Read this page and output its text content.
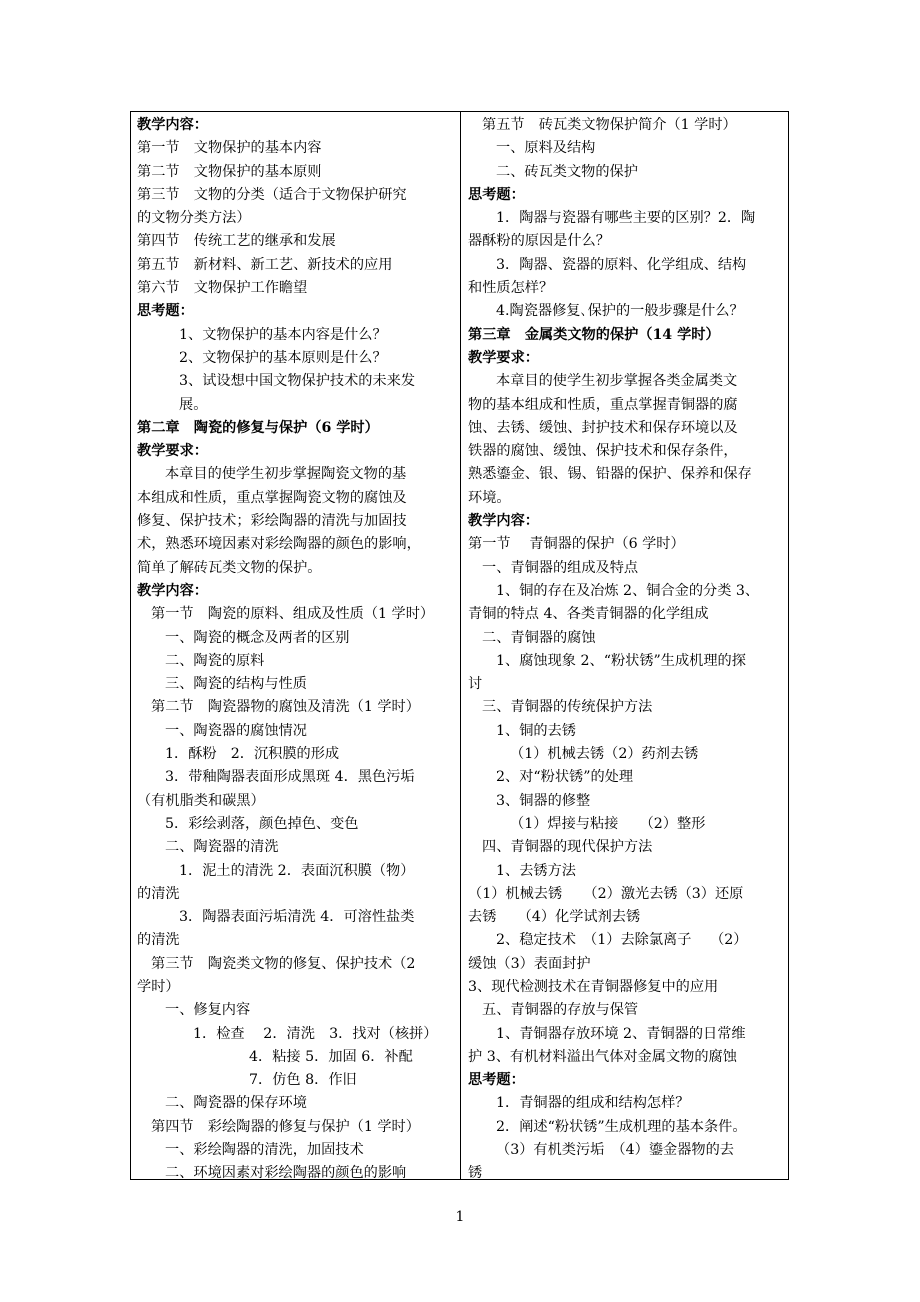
教学内容：
第一节　文物保护的基本内容
第二节　文物保护的基本原则
第三节　文物的分类（适合于文物保护研究
的文物分类方法）
第四节　传统工艺的继承和发展
第五节　新材料、新工艺、新技术的应用
第六节　文物保护工作瞻望
思考题：
1、文物保护的基本内容是什么？
2、文物保护的基本原则是什么？
3、试设想中国文物保护技术的未来发
展。
第二章　陶瓷的修复与保护（6 学时）
教学要求：
本章目的使学生初步掌握陶瓷文物的基
本组成和性质，重点掌握陶瓷文物的腐蚀及
修复、保护技术；彩绘陶器的清洗与加固技
术，熟悉环境因素对彩绘陶器的颜色的影响，
简单了解砖瓦类文物的保护。
教学内容：
第一节　陶瓷的原料、组成及性质（1 学时）
一、陶瓷的概念及两者的区别
二、陶瓷的原料
三、陶瓷的结构与性质
第二节　陶瓷器物的腐蚀及清洗（1 学时）
一、陶瓷器的腐蚀情况
1．酥粉　2．沉积膜的形成
3．带釉陶器表面形成黑斑 4．黑色污垢
（有机脂类和碳黑）
5．彩绘剥落，颜色掉色、变色
二、陶瓷器的清洗
1．泥土的清洗 2．表面沉积膜（物）
的清洗
3．陶器表面污垢清洗 4．可溶性盐类
的清洗
第三节　陶瓷类文物的修复、保护技术（2
学时）
一、修复内容
1．检查　 2．清洗　3．找对（核拼）
4．粘接 5．加固 6．补配
7．仿色 8．作旧
二、陶瓷器的保存环境
第四节　彩绘陶器的修复与保护（1 学时）
一、彩绘陶器的清洗，加固技术
二、环境因素对彩绘陶器的颜色的影响
第五节　砖瓦类文物保护简介（1 学时）
一、原料及结构
二、砖瓦类文物的保护
思考题：
1．陶器与瓷器有哪些主要的区别？2．陶
器酥粉的原因是什么？
3．陶器、瓷器的原料、化学组成、结构
和性质怎样？
4.陶瓷器修复､保护的一般步骤是什么？
第三章　金属类文物的保护（14 学时）
教学要求：
本章目的使学生初步掌握各类金属类文
物的基本组成和性质，重点掌握青铜器的腐
蚀、去锈、缓蚀、封护技术和保存环境以及
铁器的腐蚀、缓蚀、保护技术和保存条件，
熟悉鎏金、银、锡、铅器的保护、保养和保存
环境。
教学内容：
第一节　 青铜器的保护（6 学时）
一、青铜器的组成及特点
1、铜的存在及冶炼 2、铜合金的分类 3、
青铜的特点 4、各类青铜器的化学组成
二、青铜器的腐蚀
1、腐蚀现象 2、“粉状锈”生成机理的探
讨
三、青铜器的传统保护方法
1、铜的去锈
（1）机械去锈（2）药剂去锈
2、对“粉状锈”的处理
3、铜器的修整
（1）焊接与粘接　　（2）整形
四、青铜器的现代保护方法
1、去锈方法
（1）机械去锈　　（2）激光去锈（3）还原
去锈　　（4）化学试剂去锈
2、稳定技术　（1）去除氯离子　 （2）
缓蚀（3）表面封护
3、现代检测技术在青铜器修复中的应用
五、青铜器的存放与保管
1、青铜器存放环境 2、青铜器的日常维
护 3、有机材料溢出气体对金属文物的腐蚀
思考题：
1．青铜器的组成和结构怎样？
2．阐述“粉状锈”生成机理的基本条件。
（3）有机类污垢　（4）鎏金器物的去
锈
1
